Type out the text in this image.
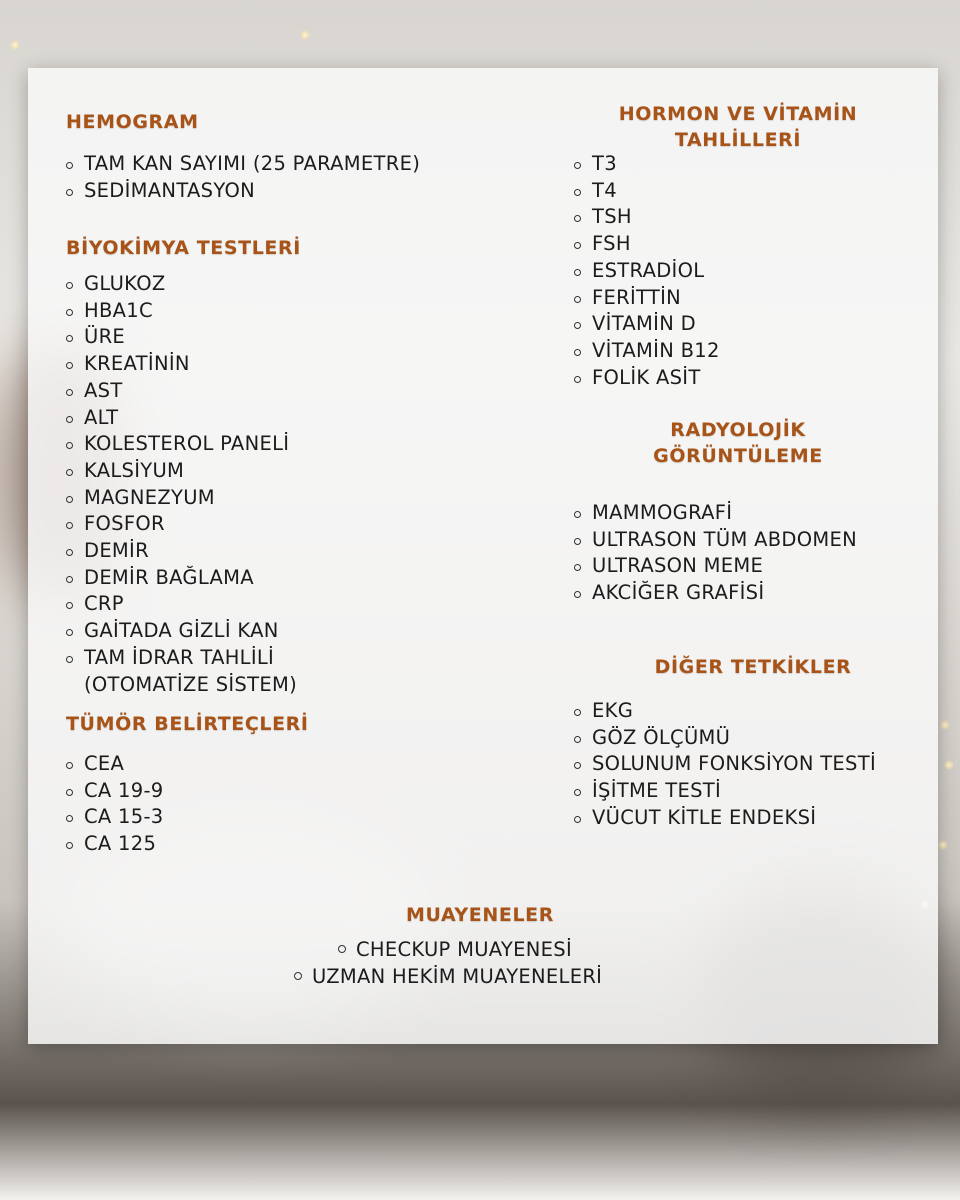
HEMOGRAM
TAM KAN SAYIMI (25 PARAMETRE)
SEDİMANTASYON
BİYOKİMYA TESTLERİ
GLUKOZ
HBA1C
ÜRE
KREATİNİN
AST
ALT
KOLESTEROL PANELİ
KALSİYUM
MAGNEZYUM
FOSFOR
DEMİR
DEMİR BAĞLAMA
CRP
GAİTADA GİZLİ KAN
TAM İDRAR TAHLİLİ (OTOMATİZE SİSTEM)
TÜMÖR BELİRTEÇLERİ
CEA
CA 19-9
CA 15-3
CA 125
HORMON VE VİTAMİN
TAHLİLLERİ
T3
T4
TSH
FSH
ESTRADİOL
FERİTTİN
VİTAMİN D
VİTAMİN B12
FOLİK ASİT
RADYOLOJİK
GÖRÜNTÜLEME
MAMMOGRAFİ
ULTRASON TÜM ABDOMEN
ULTRASON MEME
AKCİĞER GRAFİSİ
DİĞER TETKİKLER
EKG
GÖZ ÖLÇÜMÜ
SOLUNUM FONKSİYON TESTİ
İŞİTME TESTİ
VÜCUT KİTLE ENDEKSİ
MUAYENELER
CHECKUP MUAYENESİ
UZMAN HEKİM MUAYENELERİ
